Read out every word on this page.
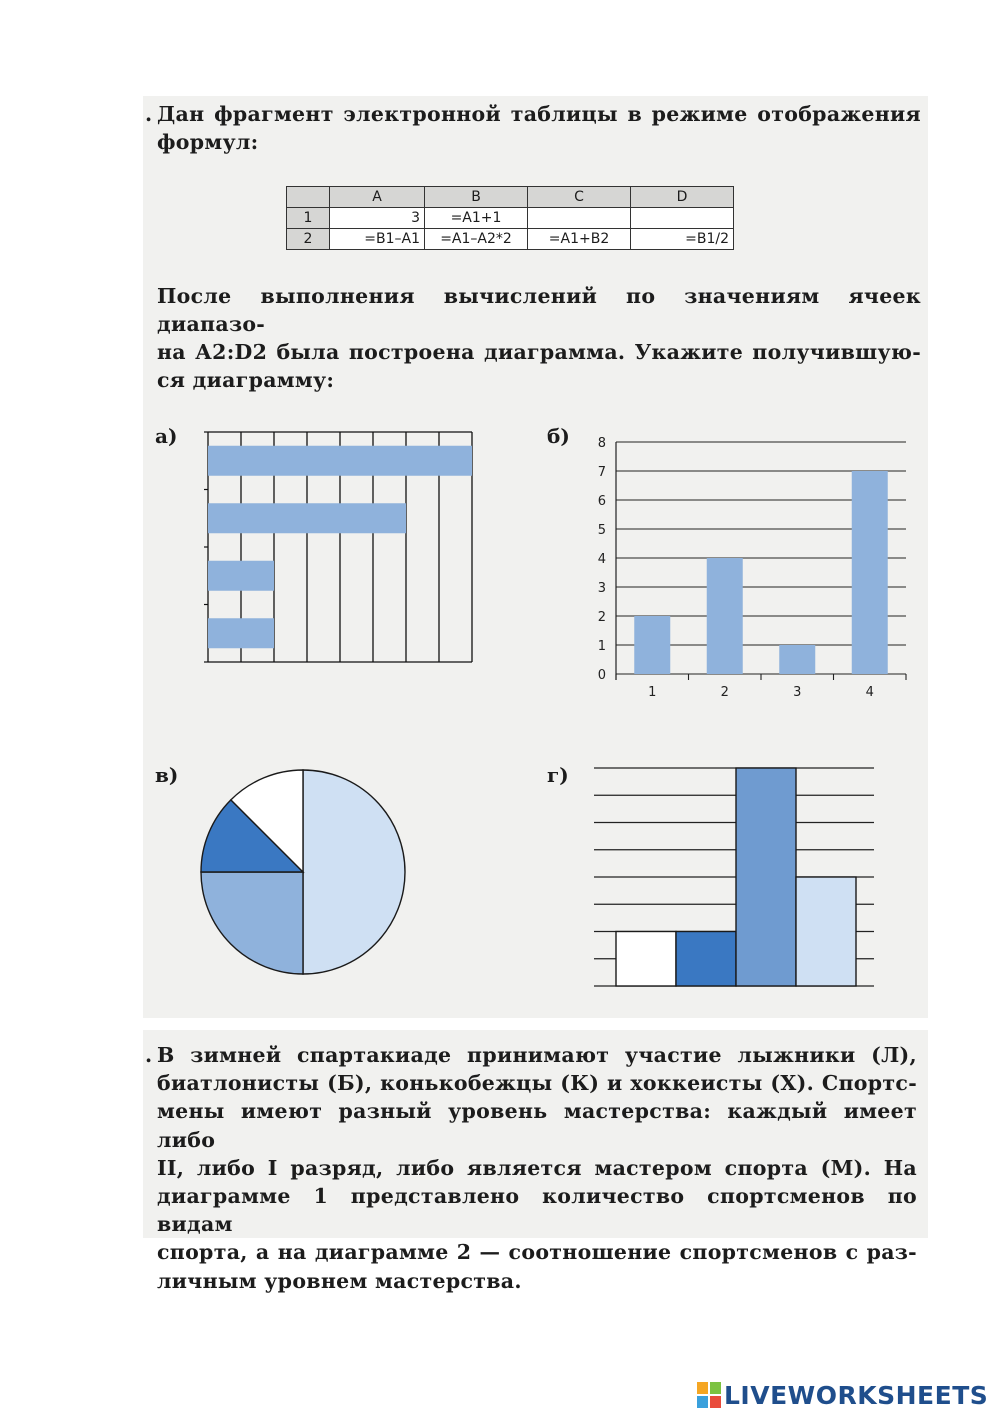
. Дан фрагмент электронной таблицы в режиме отображения
формул:
	A	B	C	D
1	3	=A1+1		
2	=B1–A1	=A1–A2*2	=A1+B2	=B1/2
После выполнения вычислений по значениям ячеек диапазо-
на А2:D2 была построена диаграмма. Укажите получившую-
ся диаграмму:
а)	б)
в)	г)
0
1
2
3
4
5
6
7
8
1	2	3	4
. В зимней спартакиаде принимают участие лыжники (Л),
биатлонисты (Б), конькобежцы (К) и хоккеисты (Х). Спортс-
мены имеют разный уровень мастерства: каждый имеет либо
II, либо I разряд, либо является мастером спорта (М). На
диаграмме 1 представлено количество спортсменов по видам
спорта, а на диаграмме 2 — соотношение спортсменов с раз-
личным уровнем мастерства.
LIVEWORKSHEETS
